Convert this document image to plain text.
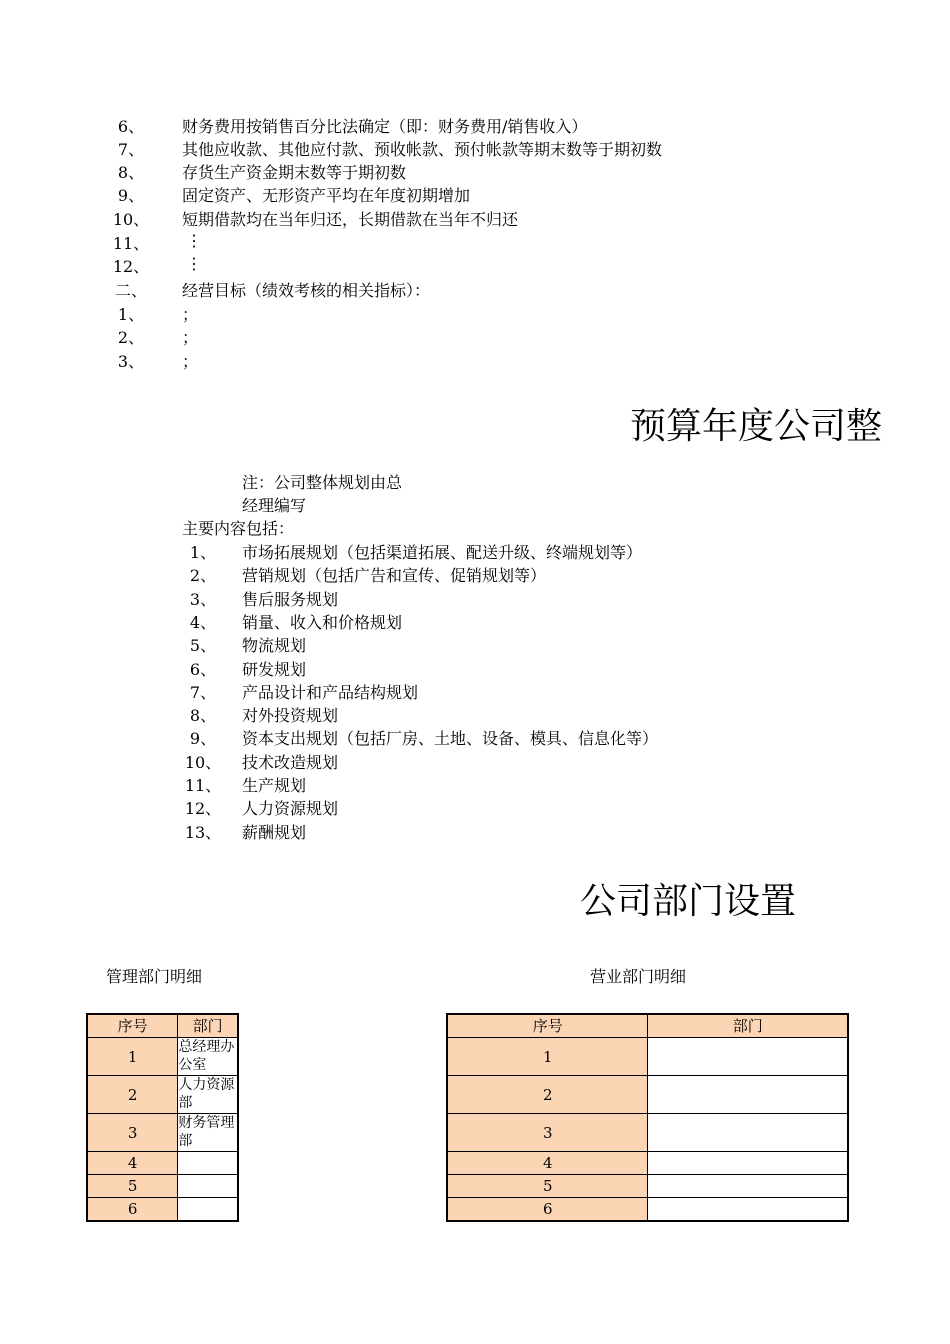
6、	财务费用按销售百分比法确定（即：财务费用/销售收入）
7、	其他应收款、其他应付款、预收帐款、预付帐款等期末数等于期初数
8、	存货生产资金期末数等于期初数
9、	固定资产、无形资产平均在年度初期增加
10、	短期借款均在当年归还，长期借款在当年不归还
11、	⋮
12、	⋮
二、	经营目标（绩效考核的相关指标）：
1、	；
2、	；
3、	；
预算年度公司整
注：公司整体规划由总
经理编写
主要内容包括：
1、	市场拓展规划（包括渠道拓展、配送升级、终端规划等）
2、	营销规划（包括广告和宣传、促销规划等）
3、	售后服务规划
4、	销量、收入和价格规划
5、	物流规划
6、	研发规划
7、	产品设计和产品结构规划
8、	对外投资规划
9、	资本支出规划（包括厂房、土地、设备、模具、信息化等）
10、	技术改造规划
11、	生产规划
12、	人力资源规划
13、	薪酬规划
公司部门设置
管理部门明细	营业部门明细
序号	部门
1	总经理办公室
2	人力资源部
3	财务管理部
4	
5	
6	
序号	部门
1	
2	
3	
4	
5	
6	
